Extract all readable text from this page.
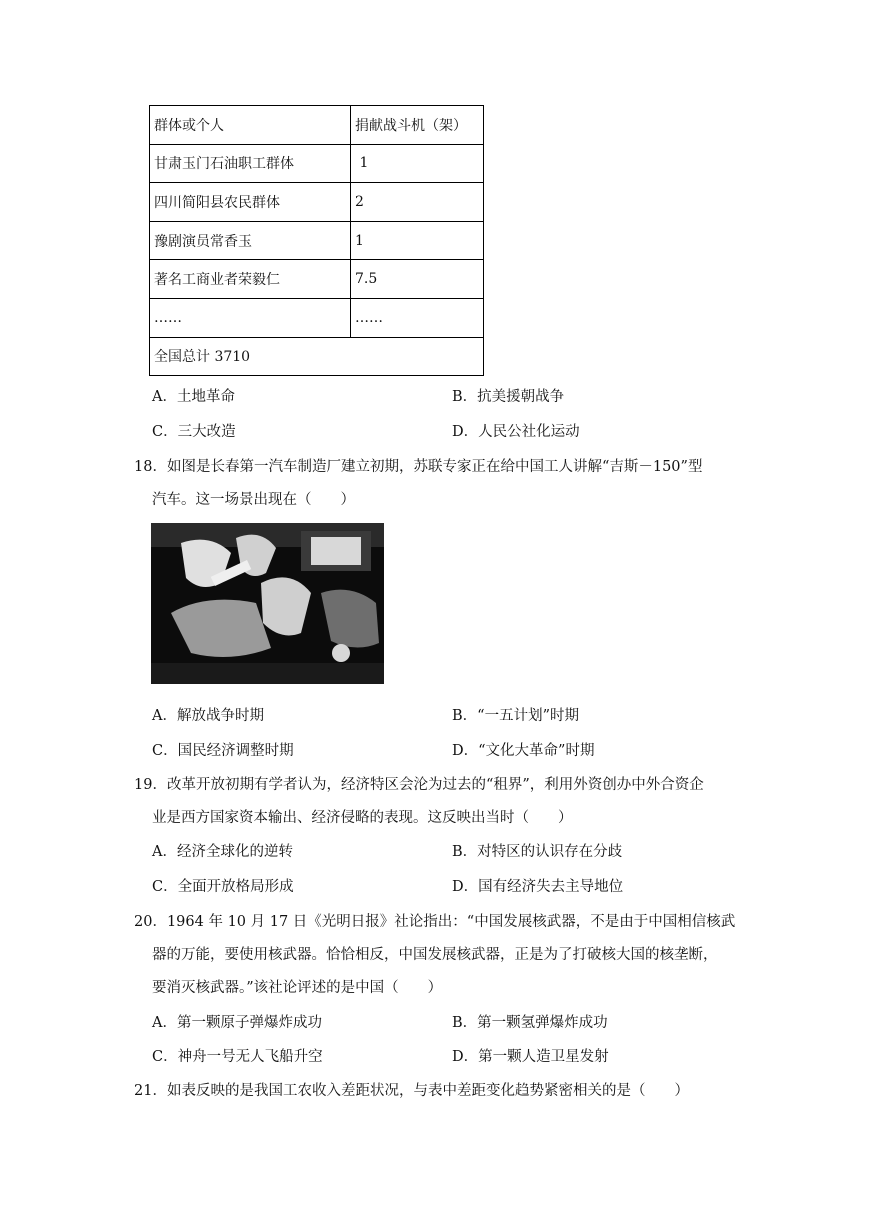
群体或个人	捐献战斗机（架）
甘肃玉门石油职工群体	1
四川简阳县农民群体	2
豫剧演员常香玉	1
著名工商业者荣毅仁	7.5
……	……
全国总计 3710	
A．土地革命	B．抗美援朝战争
C．三大改造	D．人民公社化运动
18．如图是长春第一汽车制造厂建立初期，苏联专家正在给中国工人讲解“吉斯－150”型
汽车。这一场景出现在（　　）
A．解放战争时期	B．“一五计划”时期
C．国民经济调整时期	D．“文化大革命”时期
19．改革开放初期有学者认为，经济特区会沦为过去的“租界”，利用外资创办中外合资企
业是西方国家资本输出、经济侵略的表现。这反映出当时（　　）
A．经济全球化的逆转	B．对特区的认识存在分歧
C．全面开放格局形成	D．国有经济失去主导地位
20．1964 年 10 月 17 日《光明日报》社论指出：“中国发展核武器，不是由于中国相信核武
器的万能，要使用核武器。恰恰相反，中国发展核武器，正是为了打破核大国的核垄断，
要消灭核武器。”该社论评述的是中国（　　）
A．第一颗原子弹爆炸成功	B．第一颗氢弹爆炸成功
C．神舟一号无人飞船升空	D．第一颗人造卫星发射
21．如表反映的是我国工农收入差距状况，与表中差距变化趋势紧密相关的是（　　）
